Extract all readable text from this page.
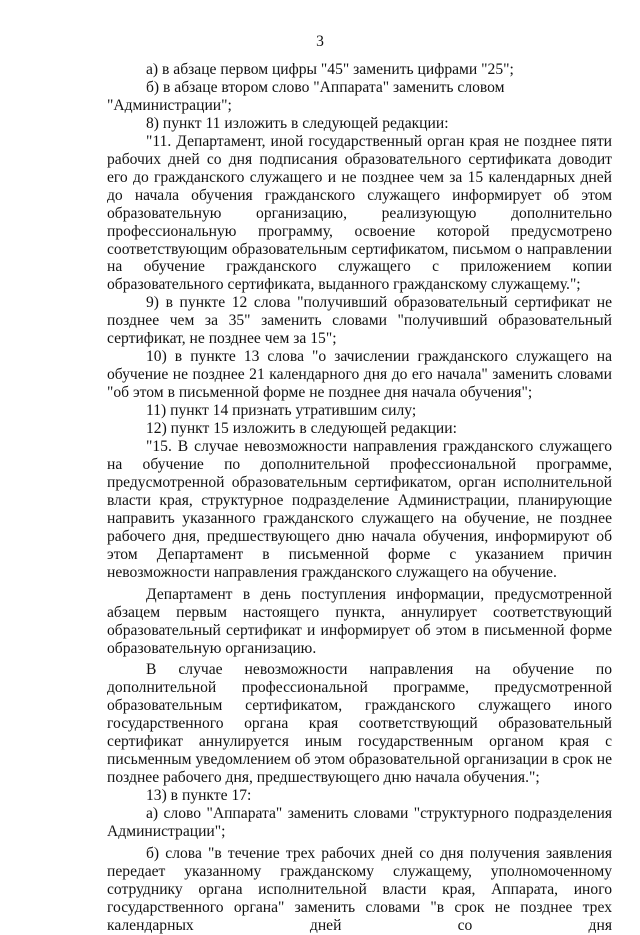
3

а) в абзаце первом цифры "45" заменить цифрами "25";

б) в абзаце втором слово "Аппарата" заменить словом "Администрации";

8) пункт 11 изложить в следующей редакции:

"11. Департамент, иной государственный орган края не позднее пяти рабочих дней со дня подписания образовательного сертификата доводит его до гражданского служащего и не позднее чем за 15 календарных дней до начала обучения гражданского служащего информирует об этом образовательную организацию, реализующую дополнительно профессиональную программу, освоение которой предусмотрено соответствующим образовательным сертификатом, письмом о направлении на обучение гражданского служащего с приложением копии образовательного сертификата, выданного гражданскому служащему.";

9) в пункте 12 слова "получивший образовательный сертификат не позднее чем за 35" заменить словами "получивший образовательный сертификат, не позднее чем за 15";

10) в пункте 13 слова "о зачислении гражданского служащего на обучение не позднее 21 календарного дня до его начала" заменить словами "об этом в письменной форме не позднее дня начала обучения";

11) пункт 14 признать утратившим силу;

12) пункт 15 изложить в следующей редакции:

"15. В случае невозможности направления гражданского служащего на обучение по дополнительной профессиональной программе, предусмотренной образовательным сертификатом, орган исполнительной власти края, структурное подразделение Администрации, планирующие направить указанного гражданского служащего на обучение, не позднее рабочего дня, предшествующего дню начала обучения, информируют об этом Департамент в письменной форме с указанием причин невозможности направления гражданского служащего на обучение.

Департамент в день поступления информации, предусмотренной абзацем первым настоящего пункта, аннулирует соответствующий образовательный сертификат и информирует об этом в письменной форме образовательную организацию.

В случае невозможности направления на обучение по дополнительной профессиональной программе, предусмотренной образовательным сертификатом, гражданского служащего иного государственного органа края соответствующий образовательный сертификат аннулируется иным государственным органом края с письменным уведомлением об этом образовательной организации в срок не позднее рабочего дня, предшествующего дню начала обучения.";

13) в пункте 17:

а) слово "Аппарата" заменить словами "структурного подразделения Администрации";

б) слова "в течение трех рабочих дней со дня получения заявления передает указанному гражданскому служащему, уполномоченному сотруднику органа исполнительной власти края, Аппарата, иного государственного органа" заменить словами "в срок не позднее трех календарных дней со дня
